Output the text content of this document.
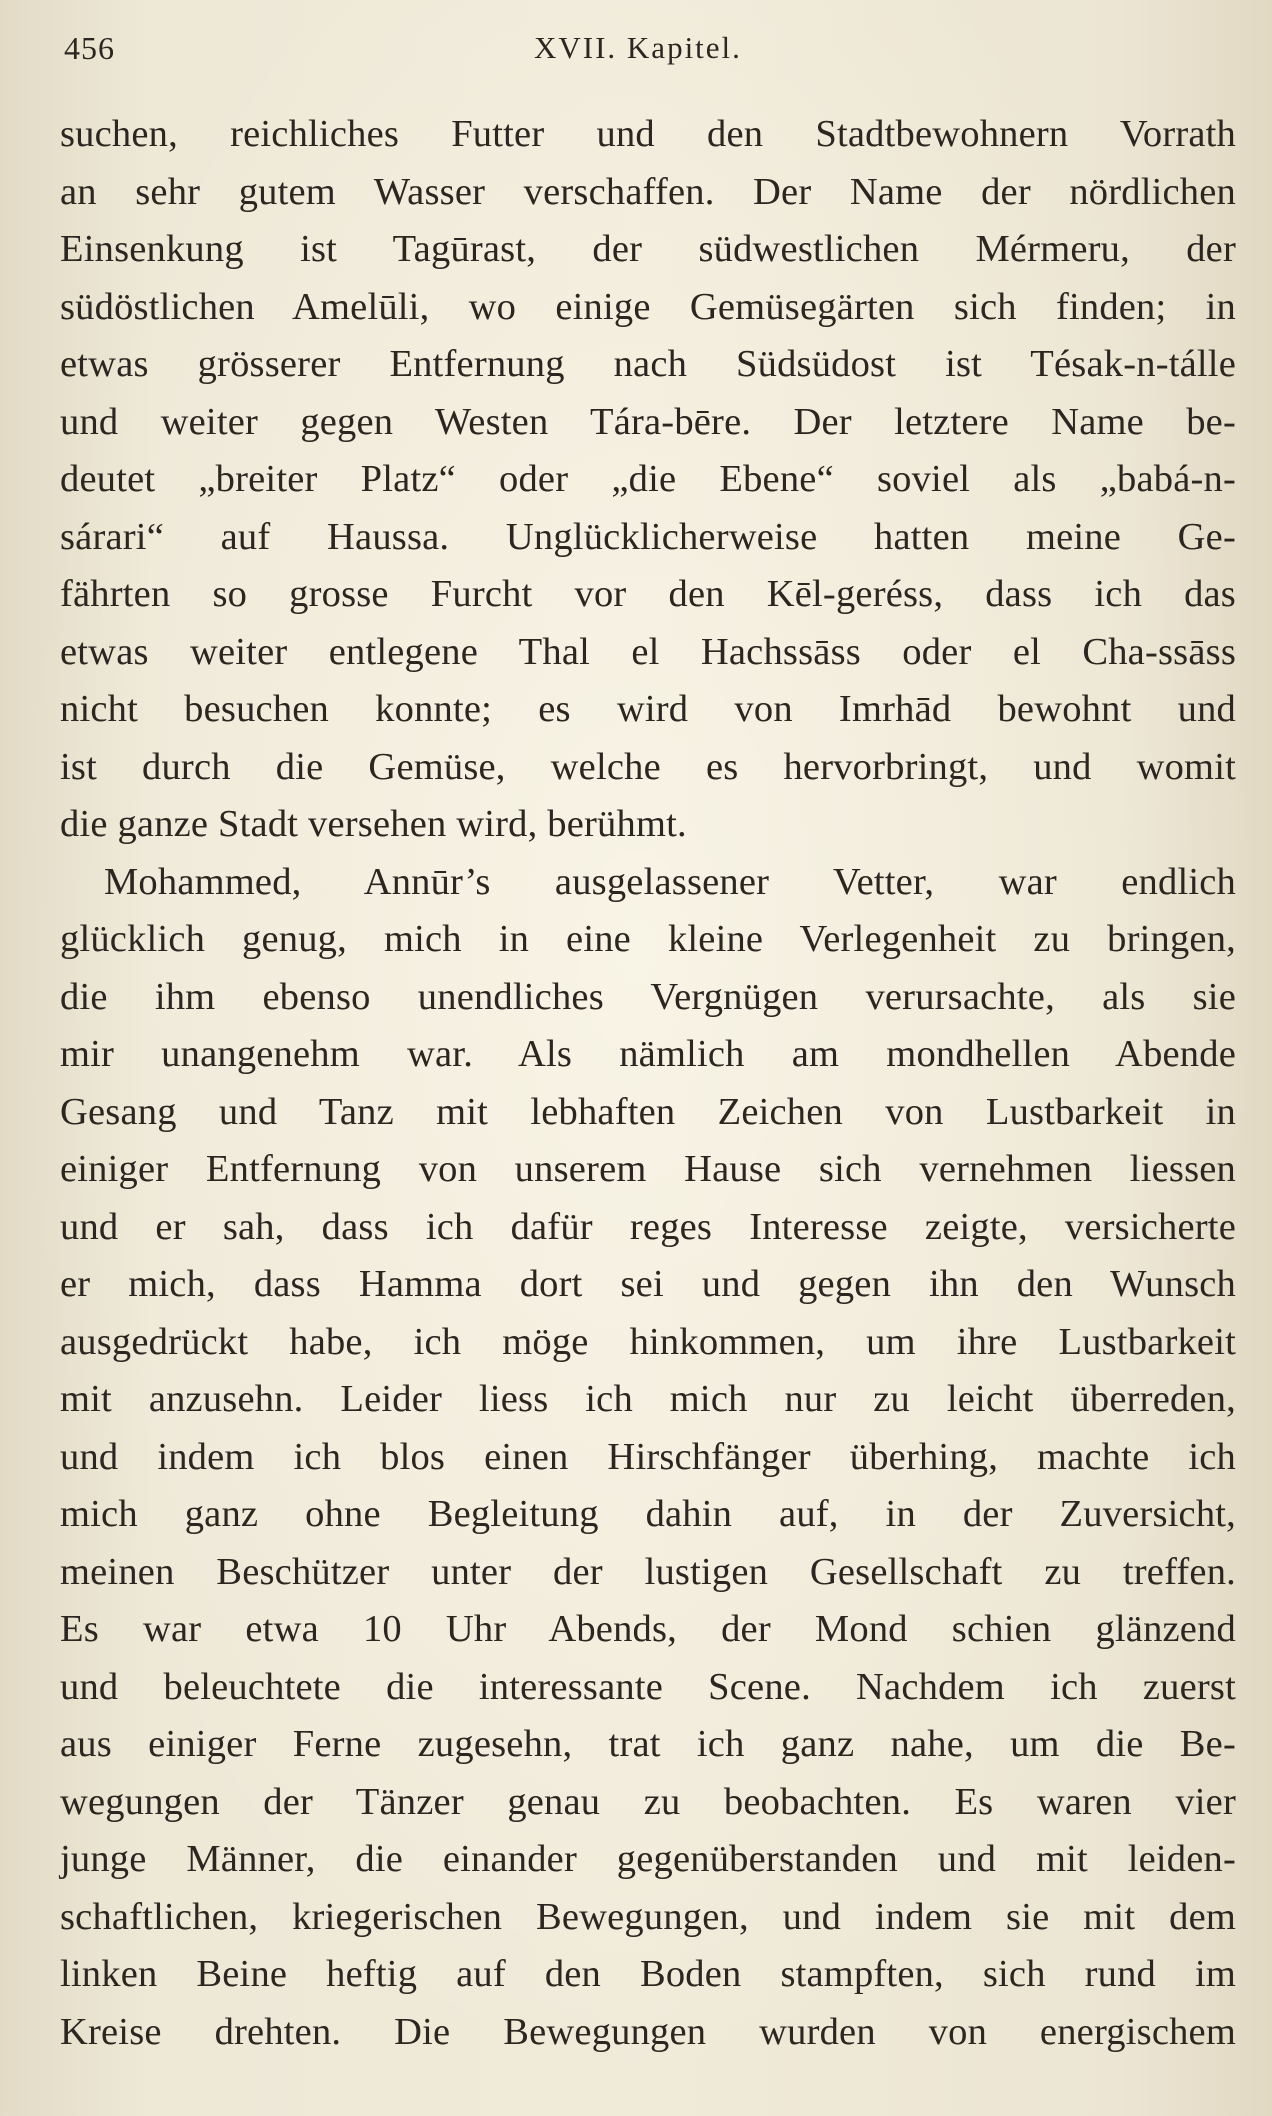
456	XVII. Kapitel.
suchen, reichliches Futter und den Stadtbewohnern Vorrath
an sehr gutem Wasser verschaffen. Der Name der nördlichen
Einsenkung ist Tagūrast, der südwestlichen Mérmeru, der
südöstlichen Amelūli, wo einige Gemüsegärten sich finden; in
etwas grösserer Entfernung nach Südsüdost ist Tésak-n-tálle
und weiter gegen Westen Tára-bēre. Der letztere Name be-
deutet „breiter Platz“ oder „die Ebene“ soviel als „babá-n-
sárari“ auf Haussa. Unglücklicherweise hatten meine Ge-
fährten so grosse Furcht vor den Kēl-geréss, dass ich das
etwas weiter entlegene Thal el Hachssāss oder el Cha-ssāss
nicht besuchen konnte; es wird von Imrhād bewohnt und
ist durch die Gemüse, welche es hervorbringt, und womit
die ganze Stadt versehen wird, berühmt.
Mohammed, Annūr’s ausgelassener Vetter, war endlich
glücklich genug, mich in eine kleine Verlegenheit zu bringen,
die ihm ebenso unendliches Vergnügen verursachte, als sie
mir unangenehm war. Als nämlich am mondhellen Abende
Gesang und Tanz mit lebhaften Zeichen von Lustbarkeit in
einiger Entfernung von unserem Hause sich vernehmen liessen
und er sah, dass ich dafür reges Interesse zeigte, versicherte
er mich, dass Hamma dort sei und gegen ihn den Wunsch
ausgedrückt habe, ich möge hinkommen, um ihre Lustbarkeit
mit anzusehn. Leider liess ich mich nur zu leicht überreden,
und indem ich blos einen Hirschfänger überhing, machte ich
mich ganz ohne Begleitung dahin auf, in der Zuversicht,
meinen Beschützer unter der lustigen Gesellschaft zu treffen.
Es war etwa 10 Uhr Abends, der Mond schien glänzend
und beleuchtete die interessante Scene. Nachdem ich zuerst
aus einiger Ferne zugesehn, trat ich ganz nahe, um die Be-
wegungen der Tänzer genau zu beobachten. Es waren vier
junge Männer, die einander gegenüberstanden und mit leiden-
schaftlichen, kriegerischen Bewegungen, und indem sie mit dem
linken Beine heftig auf den Boden stampften, sich rund im
Kreise drehten. Die Bewegungen wurden von energischem
